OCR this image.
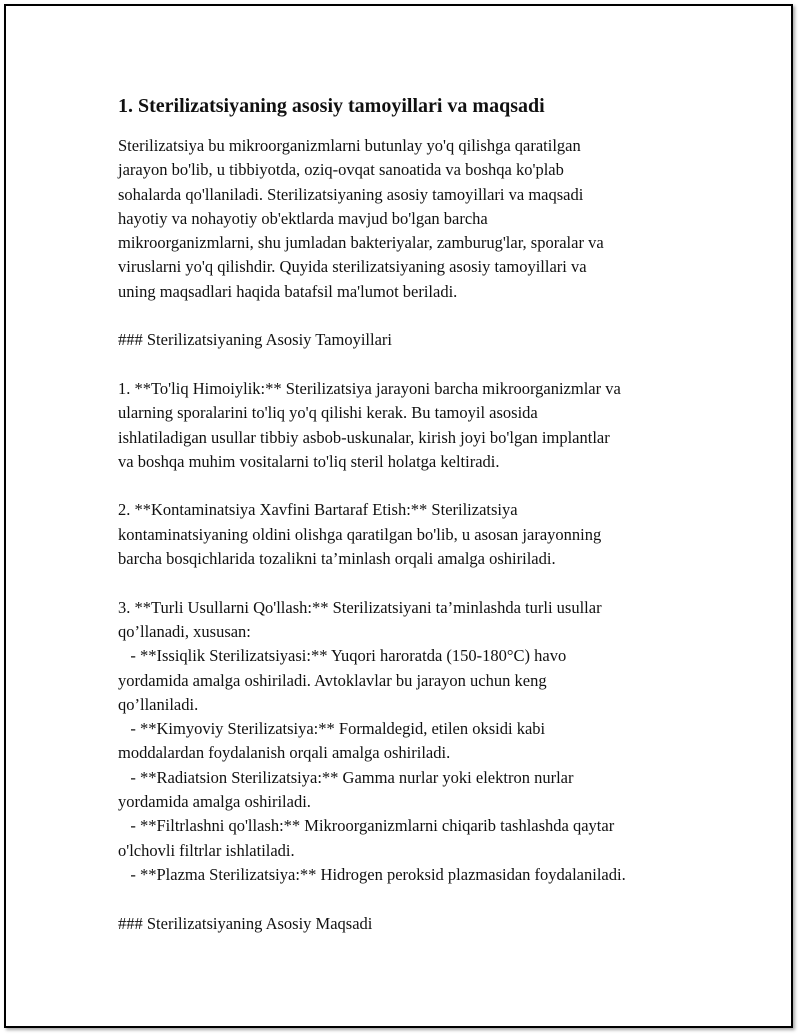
1. Sterilizatsiyaning asosiy tamoyillari va maqsadi

Sterilizatsiya bu mikroorganizmlarni butunlay yo'q qilishga qaratilgan
jarayon bo'lib, u tibbiyotda, oziq-ovqat sanoatida va boshqa ko'plab
sohalarda qo'llaniladi. Sterilizatsiyaning asosiy tamoyillari va maqsadi
hayotiy va nohayotiy ob'ektlarda mavjud bo'lgan barcha
mikroorganizmlarni, shu jumladan bakteriyalar, zamburug'lar, sporalar va
viruslarni yo'q qilishdir. Quyida sterilizatsiyaning asosiy tamoyillari va
uning maqsadlari haqida batafsil ma'lumot beriladi.

### Sterilizatsiyaning Asosiy Tamoyillari

1. **To'liq Himoiylik:** Sterilizatsiya jarayoni barcha mikroorganizmlar va
ularning sporalarini to'liq yo'q qilishi kerak. Bu tamoyil asosida
ishlatiladigan usullar tibbiy asbob-uskunalar, kirish joyi bo'lgan implantlar
va boshqa muhim vositalarni to'liq steril holatga keltiradi.

2. **Kontaminatsiya Xavfini Bartaraf Etish:** Sterilizatsiya
kontaminatsiyaning oldini olishga qaratilgan bo'lib, u asosan jarayonning
barcha bosqichlarida tozalikni ta’minlash orqali amalga oshiriladi.

3. **Turli Usullarni Qo'llash:** Sterilizatsiyani ta’minlashda turli usullar
qo’llanadi, xususan:
- **Issiqlik Sterilizatsiyasi:** Yuqori haroratda (150-180°C) havo
yordamida amalga oshiriladi. Avtoklavlar bu jarayon uchun keng
qo’llaniladi.
- **Kimyoviy Sterilizatsiya:** Formaldegid, etilen oksidi kabi
moddalardan foydalanish orqali amalga oshiriladi.
- **Radiatsion Sterilizatsiya:** Gamma nurlar yoki elektron nurlar
yordamida amalga oshiriladi.
- **Filtrlashni qo'llash:** Mikroorganizmlarni chiqarib tashlashda qaytar
o'lchovli filtrlar ishlatiladi.
- **Plazma Sterilizatsiya:** Hidrogen peroksid plazmasidan foydalaniladi.

### Sterilizatsiyaning Asosiy Maqsadi
